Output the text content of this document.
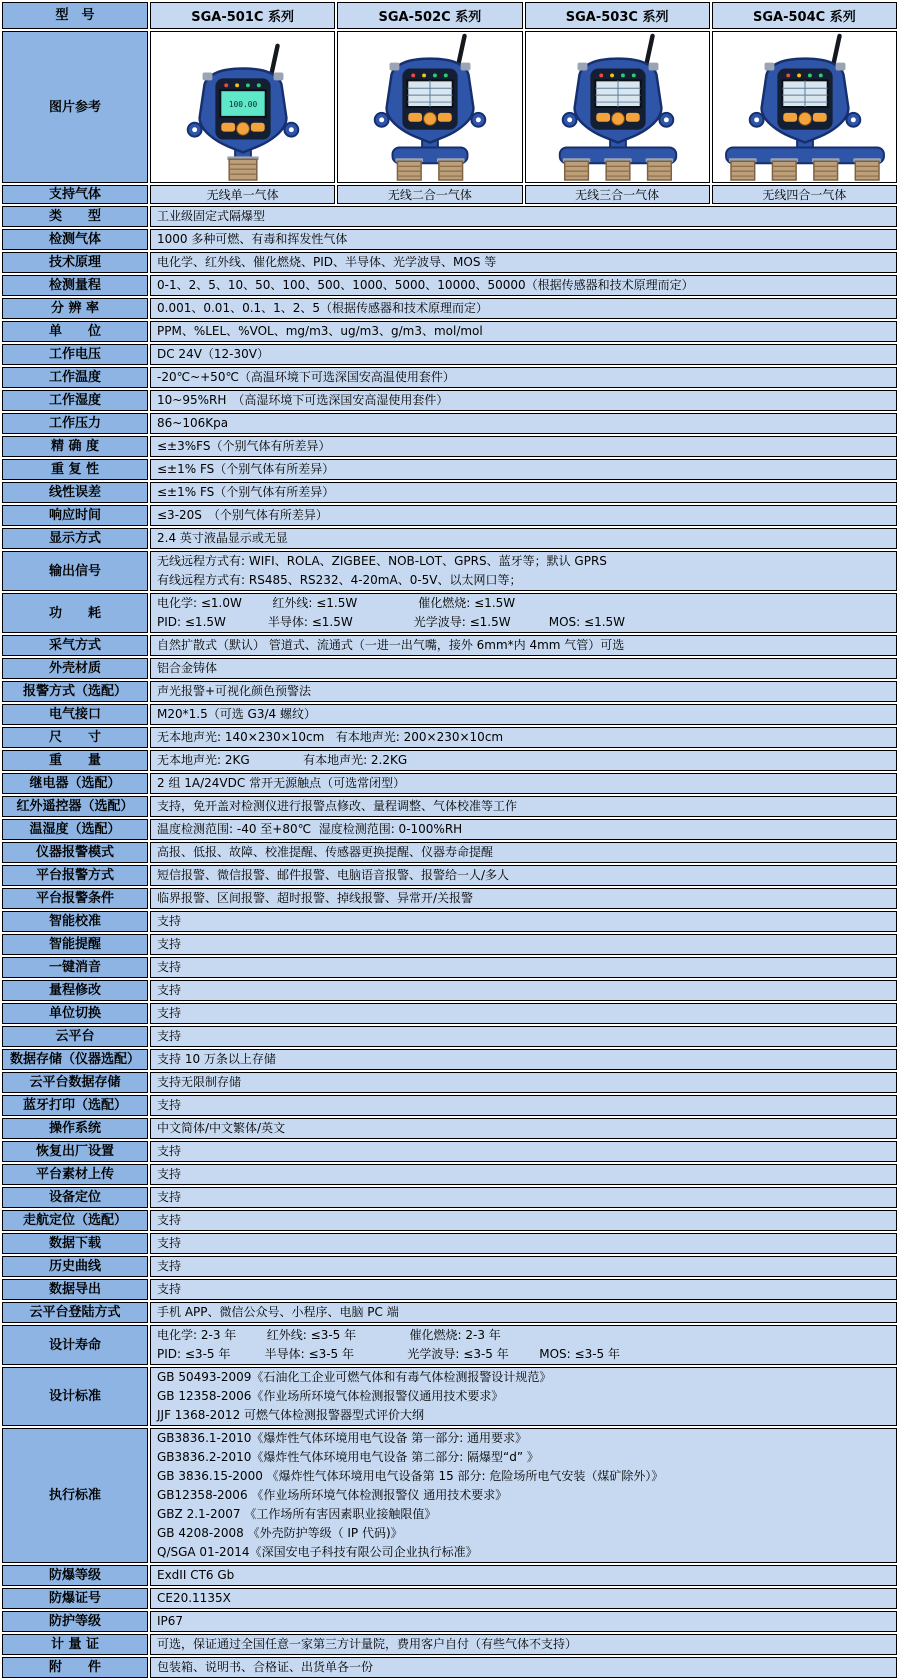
型　号	SGA-501C 系列	SGA-502C 系列	SGA-503C 系列	SGA-504C 系列
图片参考	100.00

支持气体	无线单一气体	无线二合一气体	无线三合一气体	无线四合一气体
类　　型	工业级固定式隔爆型			

检测气体	1000 多种可燃、有毒和挥发性气体			

技术原理	电化学、红外线、催化燃烧、PID、半导体、光学波导、MOS 等			

检测量程	0-1、2、5、10、50、100、500、1000、5000、10000、50000（根据传感器和技术原理而定）			

分 辨 率	0.001、0.01、0.1、1、2、5（根据传感器和技术原理而定）			

单　　位	PPM、%LEL、%VOL、mg/m3、ug/m3、g/m3、mol/mol			

工作电压	DC 24V（12-30V）			

工作温度	-20℃~+50℃（高温环境下可选深国安高温使用套件）			

工作湿度	10~95%RH　（高湿环境下可选深国安高湿使用套件）			

工作压力	86~106Kpa			

精 确 度	≤±3%FS（个别气体有所差异）			

重 复 性	≤±1% FS（个别气体有所差异）			

线性误差	≤±1% FS（个别气体有所差异）			

响应时间	≤3-20S　（个别气体有所差异）			

显示方式	2.4 英寸液晶显示或无显			

输出信号	无线远程方式有: WIFI、ROLA、ZIGBEE、NOB-LOT、GPRS、蓝牙等；默认 GPRS
有线远程方式有: RS485、RS232、4-20mA、0-5V、以太网口等；			

功　　耗	电化学: ≤1.0W        红外线: ≤1.5W                催化燃烧: ≤1.5W
PID: ≤1.5W           半导体: ≤1.5W                光学波导: ≤1.5W          MOS: ≤1.5W			

采气方式	自然扩散式（默认） 管道式、流通式（一进一出气嘴，接外 6mm*内 4mm 气管）可选			

外壳材质	铝合金铸体			

报警方式（选配）	声光报警+可视化颜色预警法			

电气接口	M20*1.5（可选 G3/4 螺纹）			

尺　　寸	无本地声光: 140×230×10cm   有本地声光: 200×230×10cm			

重　　量	无本地声光: 2KG              有本地声光: 2.2KG			

继电器（选配）	2 组 1A/24VDC 常开无源触点（可选常闭型）			

红外遥控器（选配）	支持，免开盖对检测仪进行报警点修改、量程调整、气体校准等工作			

温湿度（选配）	温度检测范围: -40 至+80℃  湿度检测范围: 0-100%RH			

仪器报警模式	高报、低报、故障、校准提醒、传感器更换提醒、仪器寿命提醒			

平台报警方式	短信报警、微信报警、邮件报警、电脑语音报警、报警给一人/多人			

平台报警条件	临界报警、区间报警、超时报警、掉线报警、异常开/关报警			

智能校准	支持			

智能提醒	支持			

一键消音	支持			

量程修改	支持			

单位切换	支持			

云平台	支持			

数据存储（仪器选配）	支持 10 万条以上存储			

云平台数据存储	支持无限制存储			

蓝牙打印（选配）	支持			

操作系统	中文简体/中文繁体/英文			

恢复出厂设置	支持			

平台素材上传	支持			

设备定位	支持			

走航定位（选配）	支持			

数据下载	支持			

历史曲线	支持			

数据导出	支持			

云平台登陆方式	手机 APP、微信公众号、小程序、电脑 PC 端			

设计寿命	电化学: 2-3 年        红外线: ≤3-5 年              催化燃烧: 2-3 年
PID: ≤3-5 年         半导体: ≤3-5 年              光学波导: ≤3-5 年        MOS: ≤3-5 年			

设计标准	GB 50493-2009《石油化工企业可燃气体和有毒气体检测报警设计规范》
GB 12358-2006《作业场所环境气体检测报警仪通用技术要求》
JJF 1368-2012 可燃气体检测报警器型式评价大纲			

执行标准	
GB3836.1-2010《爆炸性气体环境用电气设备 第一部分: 通用要求》
GB3836.2-2010《爆炸性气体环境用电气设备 第二部分: 隔爆型“d” 》
GB 3836.15-2000 《爆炸性气体环境用电气设备第 15 部分: 危险场所电气安装（煤矿除外）》
GB12358-2006 《作业场所环境气体检测报警仪 通用技术要求》
GBZ 2.1-2007 《工作场所有害因素职业接触限值》
GB 4208-2008 《外壳防护等级（ IP 代码)》
Q/SGA 01-2014《深国安电子科技有限公司企业执行标准》

防爆等级	ExdII CT6 Gb			

防爆证号	CE20.1135X			

防护等级	IP67			

计 量 证	可选，保证通过全国任意一家第三方计量院，费用客户自付（有些气体不支持）			

附　　件	包装箱、说明书、合格证、出货单各一份			
